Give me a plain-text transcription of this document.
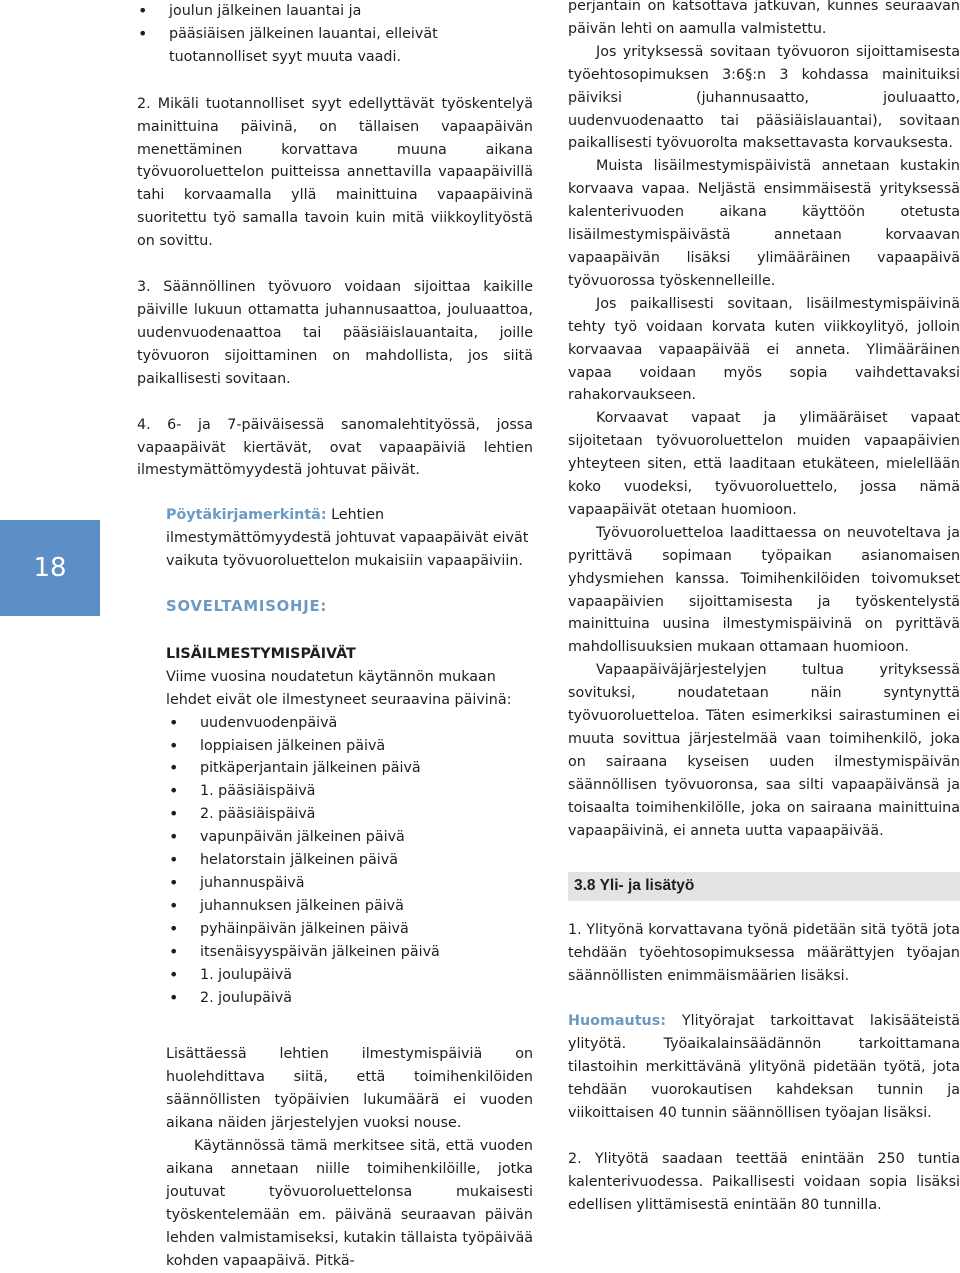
18
• joulun jälkeinen lauantai ja
• pääsiäisen jälkeinen lauantai, elleivät tuotannolliset syyt muuta vaadi.

2. Mikäli tuotannolliset syyt edellyttävät työskentelyä mainittuina päivinä, on tällaisen vapaapäivän menettäminen korvattava muuna aikana työvuoroluettelon puitteissa annettavilla vapaapäivillä tahi korvaamalla yllä mainittuina vapaapäivinä suoritettu työ samalla tavoin kuin mitä viikkoylityöstä on sovittu.

3. Säännöllinen työvuoro voidaan sijoittaa kaikille päiville lukuun ottamatta juhannusaattoa, jouluaattoa, uudenvuodenaattoa tai pääsiäislauantaita, joille työvuoron sijoittaminen on mahdollista, jos siitä paikallisesti sovitaan.

4. 6- ja 7-päiväisessä sanomalehtityössä, jossa vapaapäivät kiertävät, ovat vapaapäiviä lehtien ilmestymättömyydestä johtuvat päivät.

Pöytäkirjamerkintä: Lehtien ilmestymättömyydestä johtuvat vapaapäivät eivät vaikuta työvuoroluettelon mukaisiin vapaapäiviin.

SOVELTAMISOHJE:

LISÄILMESTYMISPÄIVÄT

Viime vuosina noudatetun käytännön mukaan lehdet eivät ole ilmestyneet seuraavina päivinä:

• uudenvuodenpäivä
• loppiaisen jälkeinen päivä
• pitkäperjantain jälkeinen päivä
• 1. pääsiäispäivä
• 2. pääsiäispäivä
• vapunpäivän jälkeinen päivä
• helatorstain jälkeinen päivä
• juhannuspäivä
• juhannuksen jälkeinen päivä
• pyhäinpäivän jälkeinen päivä
• itsenäisyyspäivän jälkeinen päivä
• 1. joulupäivä
• 2. joulupäivä

Lisättäessä lehtien ilmestymispäiviä on huolehdittava siitä, että toimihenkilöiden säännöllisten työpäivien lukumäärä ei vuoden aikana näiden järjestelyjen vuoksi nouse.

Käytännössä tämä merkitsee sitä, että vuoden aikana annetaan niille toimihenkilöille, jotka joutuvat työvuoroluettelonsa mukaisesti työskentelemään em. päivänä seuraavan päivän lehden valmistamiseksi, kutakin tällaista työpäivää kohden vapaapäivä. Pitkä-

perjantain on katsottava jatkuvan, kunnes seuraavan päivän lehti on aamulla valmistettu.

Jos yrityksessä sovitaan työvuoron sijoittamisesta työehtosopimuksen 3:6§:n 3 kohdassa mainituiksi päiviksi (juhannusaatto, jouluaatto, uudenvuodenaatto tai pääsiäislauantai), sovitaan paikallisesti työvuorolta maksettavasta korvauksesta.

Muista lisäilmestymispäivistä annetaan kustakin korvaava vapaa. Neljästä ensimmäisestä yrityksessä kalenterivuoden aikana käyttöön otetusta lisäilmestymispäivästä annetaan korvaavan vapaapäivän lisäksi ylimääräinen vapaapäivä työvuorossa työskennelleille.

Jos paikallisesti sovitaan, lisäilmestymispäivinä tehty työ voidaan korvata kuten viikkoylityö, jolloin korvaavaa vapaapäivää ei anneta. Ylimääräinen vapaa voidaan myös sopia vaihdettavaksi rahakorvaukseen.

Korvaavat vapaat ja ylimääräiset vapaat sijoitetaan työvuoroluettelon muiden vapaapäivien yhteyteen siten, että laaditaan etukäteen, mielellään koko vuodeksi, työvuoroluettelo, jossa nämä vapaapäivät otetaan huomioon.

Työvuoroluetteloa laadittaessa on neuvoteltava ja pyrittävä sopimaan työpaikan asianomaisen yhdysmiehen kanssa. Toimihenkilöiden toivomukset vapaapäivien sijoittamisesta ja työskentelystä mainittuina uusina ilmestymispäivinä on pyrittävä mahdollisuuksien mukaan ottamaan huomioon.

Vapaapäiväjärjestelyjen tultua yrityksessä sovituksi, noudatetaan näin syntynyttä työvuoroluetteloa. Täten esimerkiksi sairastuminen ei muuta sovittua järjestelmää vaan toimihenkilö, joka on sairaana kyseisen uuden ilmestymispäivän säännöllisen työvuoronsa, saa silti vapaapäivänsä ja toisaalta toimihenkilölle, joka on sairaana mainittuina vapaapäivinä, ei anneta uutta vapaapäivää.

3.8 Yli- ja lisätyö

1. Ylityönä korvattavana työnä pidetään sitä työtä jota tehdään työehtosopimuksessa määrättyjen työajan säännöllisten enimmäismäärien lisäksi.

Huomautus: Ylityörajat tarkoittavat lakisääteistä ylityötä. Työaikalainsäädännön tarkoittamana tilastoihin merkittävänä ylityönä pidetään työtä, jota tehdään vuorokautisen kahdeksan tunnin ja viikoittaisen 40 tunnin säännöllisen työajan lisäksi.

2. Ylityötä saadaan teettää enintään 250 tuntia kalenterivuodessa. Paikallisesti voidaan sopia lisäksi edellisen ylittämisestä enintään 80 tunnilla.
